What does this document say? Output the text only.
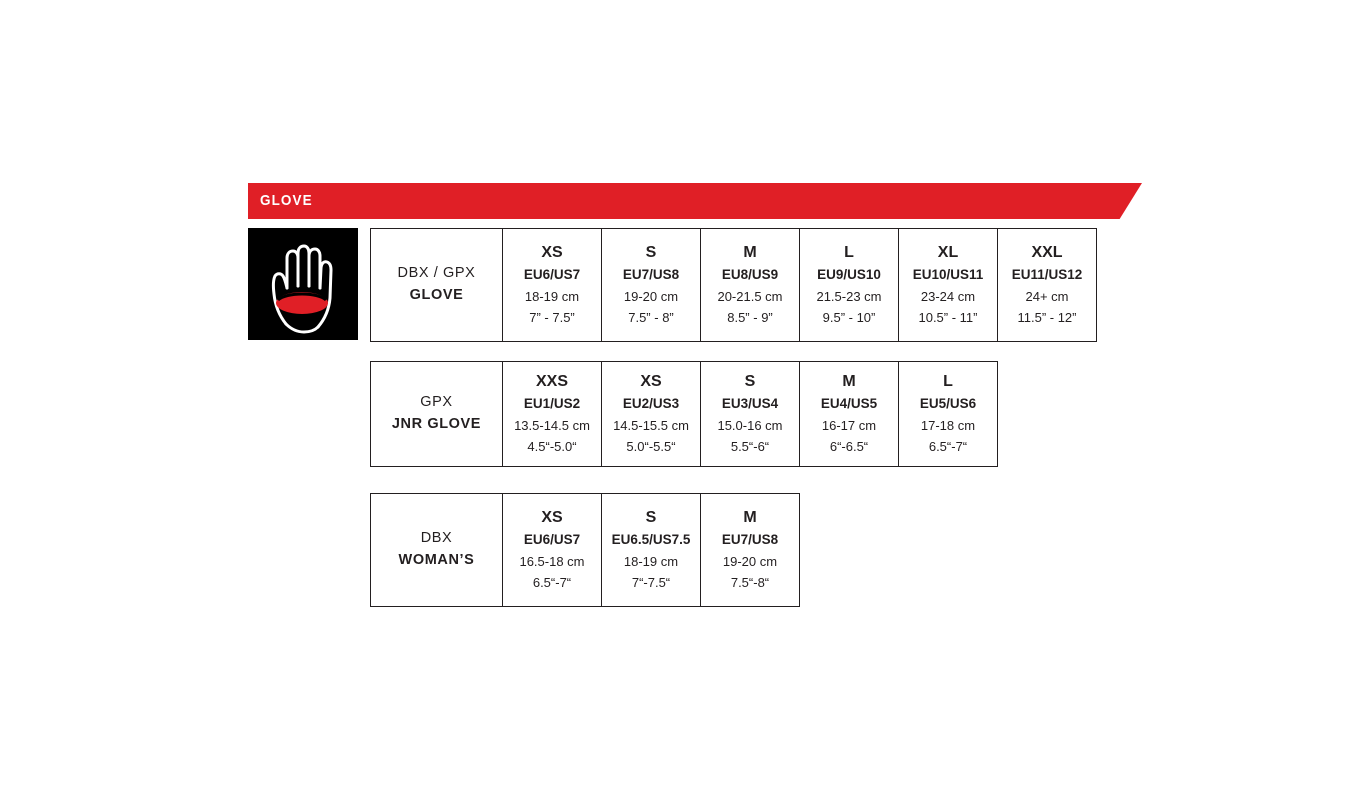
GLOVE
DBX / GPX
GLOVE

XS
EU6/US7
18-19 cm
7” - 7.5”

S
EU7/US8
19-20 cm
7.5” - 8”

M
EU8/US9
20-21.5 cm
8.5” - 9”

L
EU9/US10
21.5-23 cm
9.5” - 10”

XL
EU10/US11
23-24 cm
10.5” - 11”

XXL
EU11/US12
24+ cm
11.5” - 12”
GPX
JNR GLOVE

XXS
EU1/US2
13.5-14.5 cm
4.5“-5.0“

XS
EU2/US3
14.5-15.5 cm
5.0“-5.5“

S
EU3/US4
15.0-16 cm
5.5“-6“

M
EU4/US5
16-17 cm
6“-6.5“

L
EU5/US6
17-18 cm
6.5“-7“
DBX
WOMAN’S

XS
EU6/US7
16.5-18 cm
6.5“-7“

S
EU6.5/US7.5
18-19 cm
7“-7.5“

M
EU7/US8
19-20 cm
7.5“-8“
